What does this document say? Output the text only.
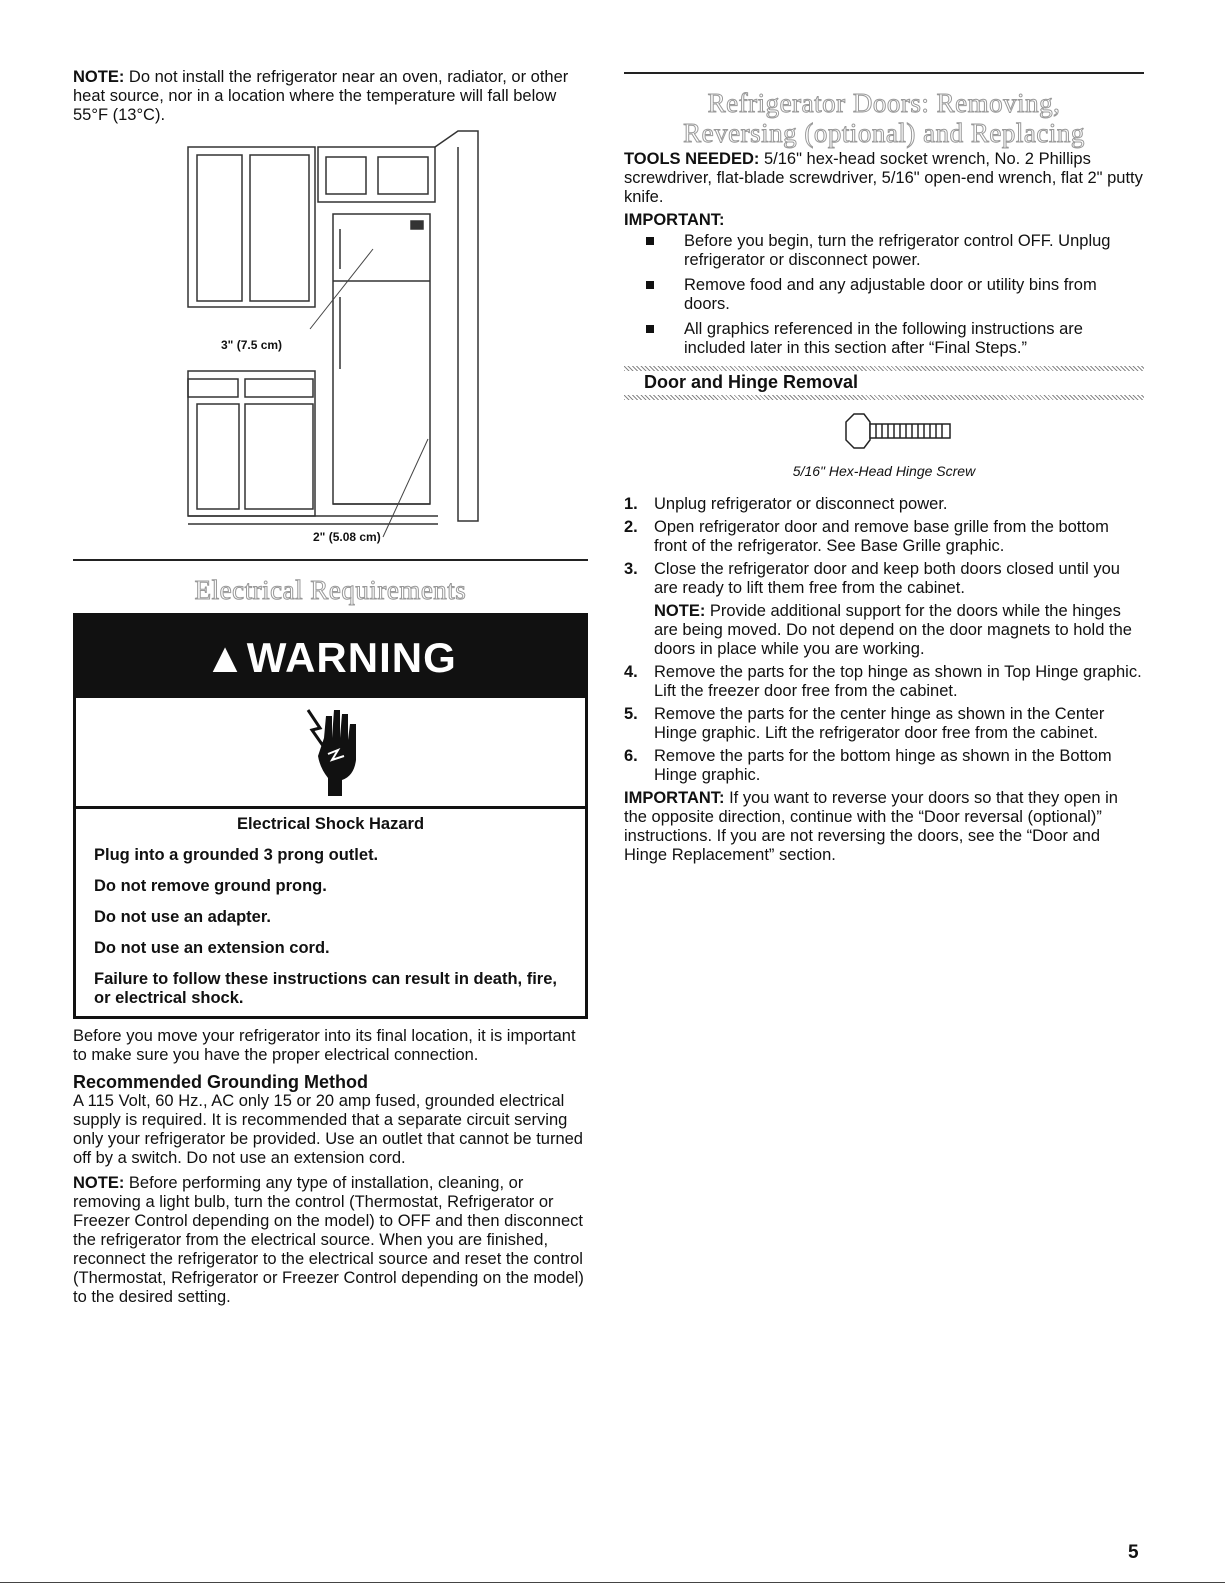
NOTE: Do not install the refrigerator near an oven, radiator, or other heat source, nor in a location where the temperature will fall below 55°F (13°C).

3" (7.5 cm)
2" (5.08 cm)
Electrical Requirements
▲WARNING

Electrical Shock Hazard

Plug into a grounded 3 prong outlet.

Do not remove ground prong.

Do not use an adapter.

Do not use an extension cord.

Failure to follow these instructions can result in death, fire, or electrical shock.

Before you move your refrigerator into its final location, it is important to make sure you have the proper electrical connection.

Recommended Grounding Method

A 115 Volt, 60 Hz., AC only 15 or 20 amp fused, grounded electrical supply is required. It is recommended that a separate circuit serving only your refrigerator be provided. Use an outlet that cannot be turned off by a switch. Do not use an extension cord.

NOTE: Before performing any type of installation, cleaning, or removing a light bulb, turn the control (Thermostat, Refrigerator or Freezer Control depending on the model) to OFF and then disconnect the refrigerator from the electrical source. When you are finished, reconnect the refrigerator to the electrical source and reset the control (Thermostat, Refrigerator or Freezer Control depending on the model) to the desired setting.

Refrigerator Doors: Removing,
Reversing (optional) and Replacing

TOOLS NEEDED: 5/16" hex-head socket wrench, No. 2 Phillips screwdriver, flat-blade screwdriver, 5/16" open-end wrench, flat 2" putty knife.

IMPORTANT:

Before you begin, turn the refrigerator control OFF. Unplug refrigerator or disconnect power.
Remove food and any adjustable door or utility bins from doors.
All graphics referenced in the following instructions are included later in this section after “Final Steps.”
Door and Hinge Removal

5/16" Hex-Head Hinge Screw

1. Unplug refrigerator or disconnect power.
2. Open refrigerator door and remove base grille from the bottom front of the refrigerator. See Base Grille graphic.
3. Close the refrigerator door and keep both doors closed until you are ready to lift them free from the cabinet.

NOTE: Provide additional support for the doors while the hinges are being moved. Do not depend on the door magnets to hold the doors in place while you are working.

4. Remove the parts for the top hinge as shown in Top Hinge graphic. Lift the freezer door free from the cabinet.
5. Remove the parts for the center hinge as shown in the Center Hinge graphic. Lift the refrigerator door free from the cabinet.
6. Remove the parts for the bottom hinge as shown in the Bottom Hinge graphic.

IMPORTANT: If you want to reverse your doors so that they open in the opposite direction, continue with the “Door reversal (optional)” instructions. If you are not reversing the doors, see the “Door and Hinge Replacement” section.

5
